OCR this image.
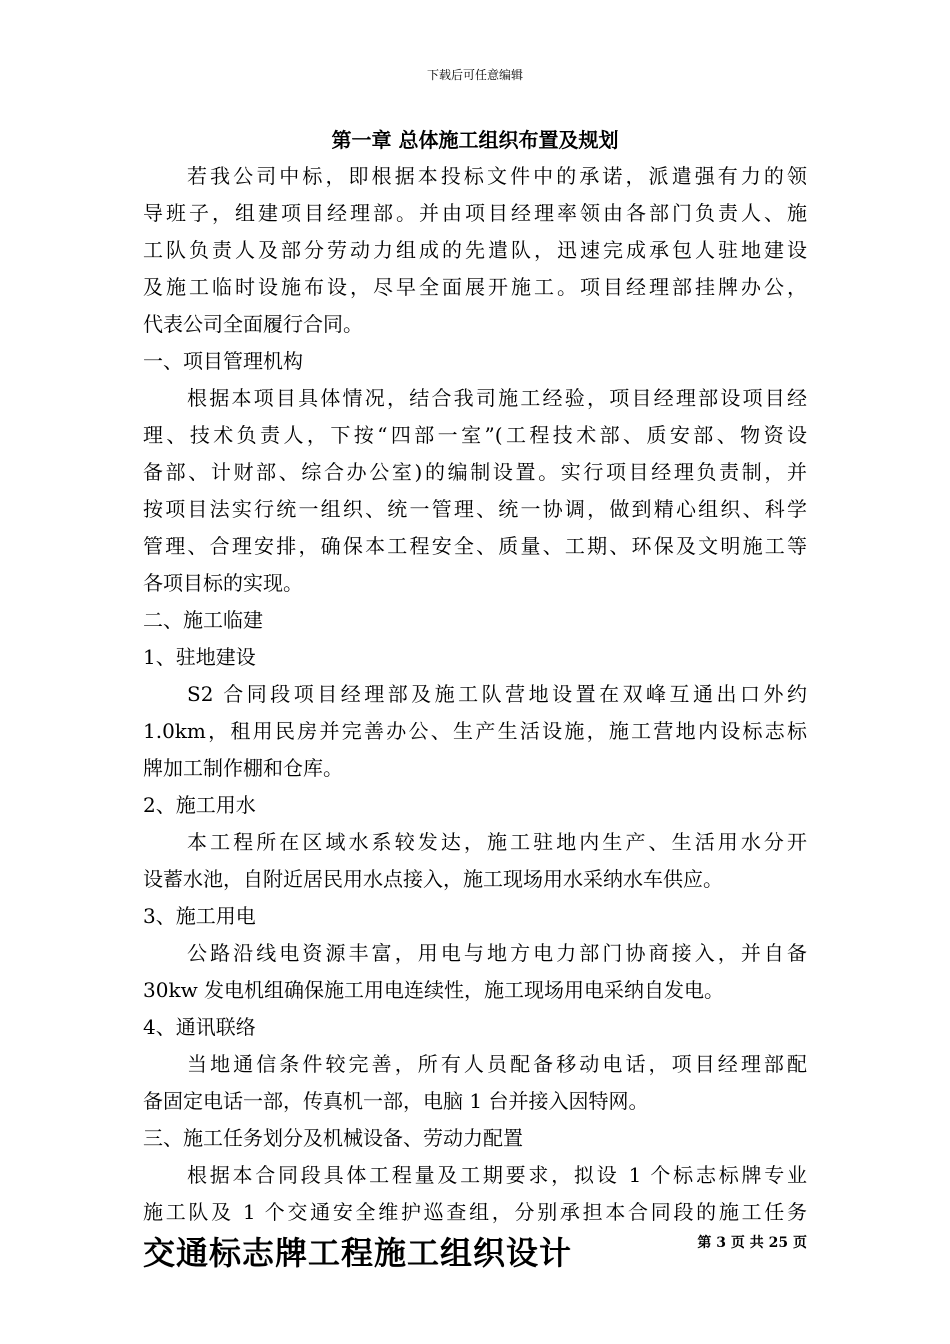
下载后可任意编辑
第一章 总体施工组织布置及规划
若我公司中标，即根据本投标文件中的承诺，派遣强有力的领
导班子，组建项目经理部。并由项目经理率领由各部门负责人、施
工队负责人及部分劳动力组成的先遣队，迅速完成承包人驻地建设
及施工临时设施布设，尽早全面展开施工。项目经理部挂牌办公，
代表公司全面履行合同。
一、项目管理机构
根据本项目具体情况，结合我司施工经验，项目经理部设项目经
理、技术负责人，下按“四部一室”(工程技术部、质安部、物资设
备部、计财部、综合办公室)的编制设置。实行项目经理负责制，并
按项目法实行统一组织、统一管理、统一协调，做到精心组织、科学
管理、合理安排，确保本工程安全、质量、工期、环保及文明施工等
各项目标的实现。
二、施工临建
1、驻地建设
S2 合同段项目经理部及施工队营地设置在双峰互通出口外约
1.0km，租用民房并完善办公、生产生活设施，施工营地内设标志标
牌加工制作棚和仓库。
2、施工用水
本工程所在区域水系较发达，施工驻地内生产、生活用水分开
设蓄水池，自附近居民用水点接入，施工现场用水采纳水车供应。
3、施工用电
公路沿线电资源丰富，用电与地方电力部门协商接入，并自备
30kw 发电机组确保施工用电连续性，施工现场用电采纳自发电。
4、通讯联络
当地通信条件较完善，所有人员配备移动电话，项目经理部配
备固定电话一部，传真机一部，电脑 1 台并接入因特网。
三、施工任务划分及机械设备、劳动力配置
根据本合同段具体工程量及工期要求，拟设 1 个标志标牌专业
施工队及 1 个交通安全维护巡查组，分别承担本合同段的施工任务
交通标志牌工程施工组织设计	第 3 页 共 25 页
